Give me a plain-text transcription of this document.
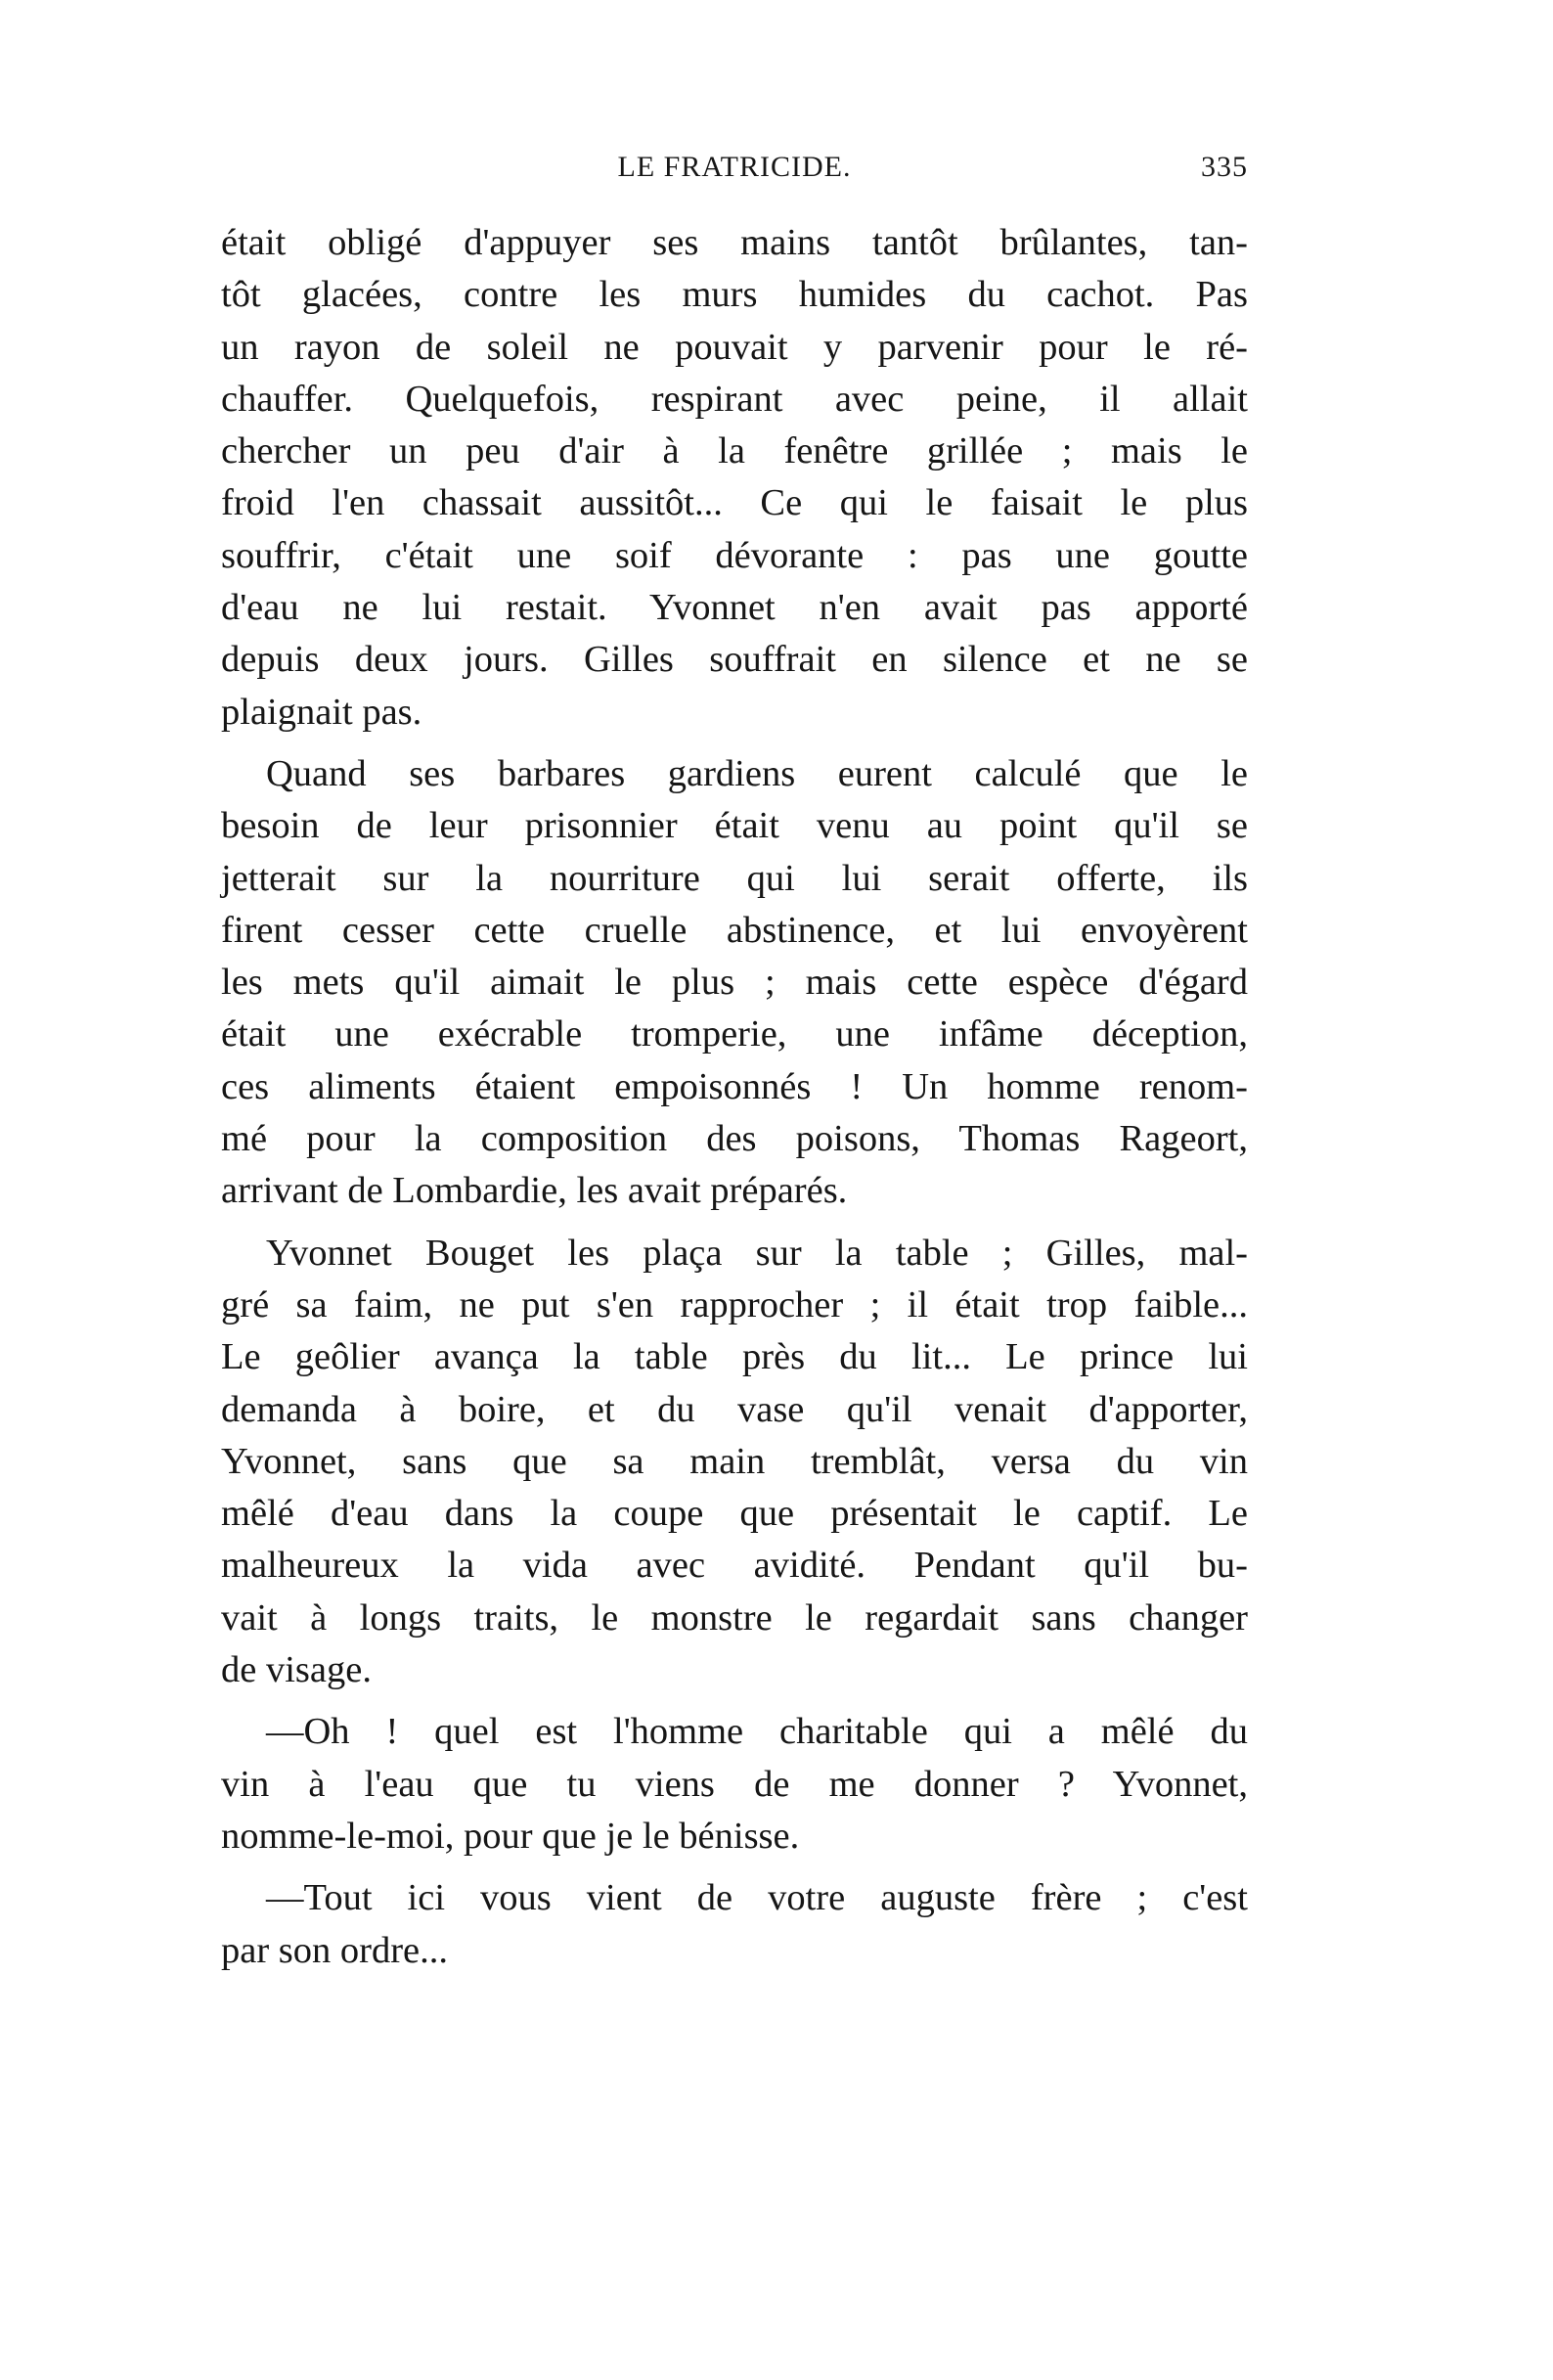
LE FRATRICIDE.	335
était obligé d'appuyer ses mains tantôt brûlantes, tan-
tôt glacées, contre les murs humides du cachot. Pas
un rayon de soleil ne pouvait y parvenir pour le ré-
chauffer. Quelquefois, respirant avec peine, il allait
chercher un peu d'air à la fenêtre grillée ; mais le
froid l'en chassait aussitôt... Ce qui le faisait le plus
souffrir, c'était une soif dévorante : pas une goutte
d'eau ne lui restait. Yvonnet n'en avait pas apporté
depuis deux jours. Gilles souffrait en silence et ne se
plaignait pas.
Quand ses barbares gardiens eurent calculé que le
besoin de leur prisonnier était venu au point qu'il se
jetterait sur la nourriture qui lui serait offerte, ils
firent cesser cette cruelle abstinence, et lui envoyèrent
les mets qu'il aimait le plus ; mais cette espèce d'égard
était une exécrable tromperie, une infâme déception,
ces aliments étaient empoisonnés ! Un homme renom-
mé pour la composition des poisons, Thomas Rageort,
arrivant de Lombardie, les avait préparés.
Yvonnet Bouget les plaça sur la table ; Gilles, mal-
gré sa faim, ne put s'en rapprocher ; il était trop faible...
Le geôlier avança la table près du lit... Le prince lui
demanda à boire, et du vase qu'il venait d'apporter,
Yvonnet, sans que sa main tremblât, versa du vin
mêlé d'eau dans la coupe que présentait le captif. Le
malheureux la vida avec avidité. Pendant qu'il bu-
vait à longs traits, le monstre le regardait sans changer
de visage.
—Oh ! quel est l'homme charitable qui a mêlé du
vin à l'eau que tu viens de me donner ? Yvonnet,
nomme-le-moi, pour que je le bénisse.
—Tout ici vous vient de votre auguste frère ; c'est
par son ordre...
